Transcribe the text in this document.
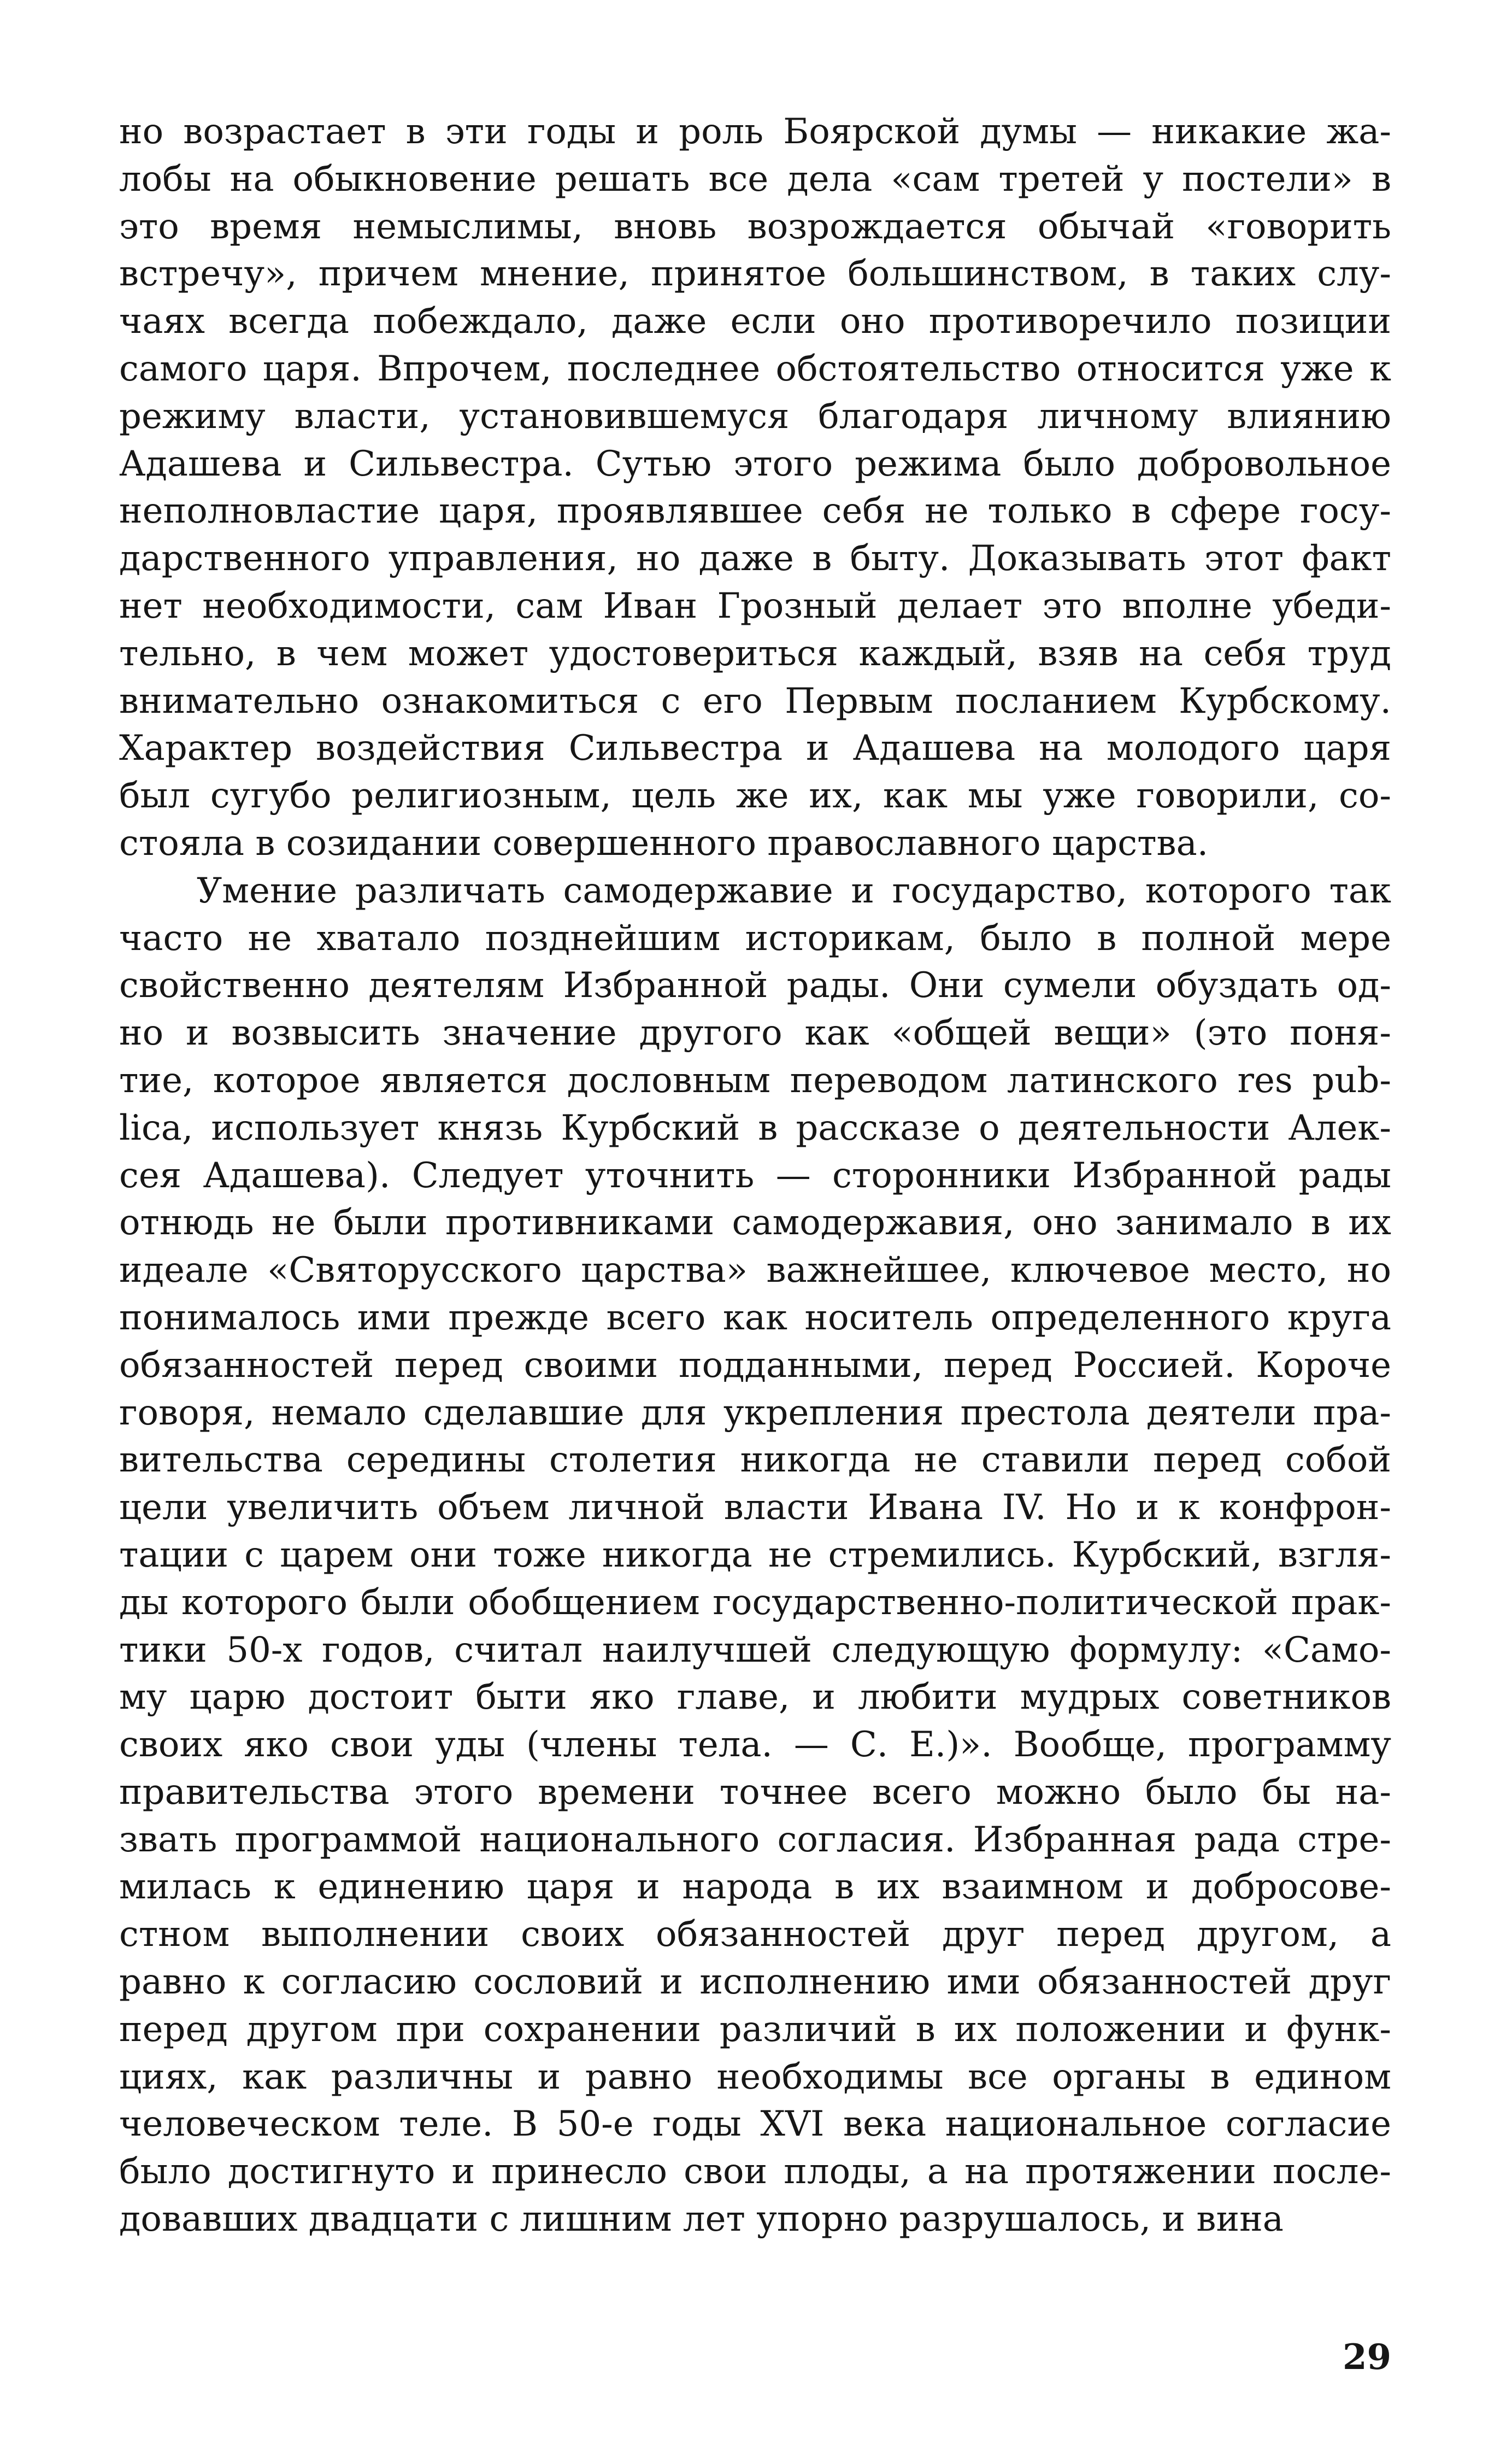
но возрастает в эти годы и роль Боярской думы — никакие жа-
лобы на обыкновение решать все дела «сам третей у постели» в
это время немыслимы, вновь возрождается обычай «говорить
встречу», причем мнение, принятое большинством, в таких слу-
чаях всегда побеждало, даже если оно противоречило позиции
самого царя. Впрочем, последнее обстоятельство относится уже к
режиму власти, установившемуся благодаря личному влиянию
Адашева и Сильвестра. Сутью этого режима было добровольное
неполновластие царя, проявлявшее себя не только в сфере госу-
дарственного управления, но даже в быту. Доказывать этот факт
нет необходимости, сам Иван Грозный делает это вполне убеди-
тельно, в чем может удостовериться каждый, взяв на себя труд
внимательно ознакомиться с его Первым посланием Курбскому.
Характер воздействия Сильвестра и Адашева на молодого царя
был сугубо религиозным, цель же их, как мы уже говорили, со-
стояла в созидании совершенного православного царства.

Умение различать самодержавие и государство, которого так
часто не хватало позднейшим историкам, было в полной мере
свойственно деятелям Избранной рады. Они сумели обуздать од-
но и возвысить значение другого как «общей вещи» (это поня-
тие, которое является дословным переводом латинского res pub-
lica, использует князь Курбский в рассказе о деятельности Алек-
сея Адашева). Следует уточнить — сторонники Избранной рады
отнюдь не были противниками самодержавия, оно занимало в их
идеале «Святорусского царства» важнейшее, ключевое место, но
понималось ими прежде всего как носитель определенного круга
обязанностей перед своими подданными, перед Россией. Короче
говоря, немало сделавшие для укрепления престола деятели пра-
вительства середины столетия никогда не ставили перед собой
цели увеличить объем личной власти Ивана IV. Но и к конфрон-
тации с царем они тоже никогда не стремились. Курбский, взгля-
ды которого были обобщением государственно-политической прак-
тики 50-х годов, считал наилучшей следующую формулу: «Само-
му царю достоит быти яко главе, и любити мудрых советников
своих яко свои уды (члены тела. — С. Е.)». Вообще, программу
правительства этого времени точнее всего можно было бы на-
звать программой национального согласия. Избранная рада стре-
милась к единению царя и народа в их взаимном и добросове-
стном выполнении своих обязанностей друг перед другом, а
равно к согласию сословий и исполнению ими обязанностей друг
перед другом при сохранении различий в их положении и функ-
циях, как различны и равно необходимы все органы в едином
человеческом теле. В 50-е годы XVI века национальное согласие
было достигнуто и принесло свои плоды, а на протяжении после-
довавших двадцати с лишним лет упорно разрушалось, и вина

29
